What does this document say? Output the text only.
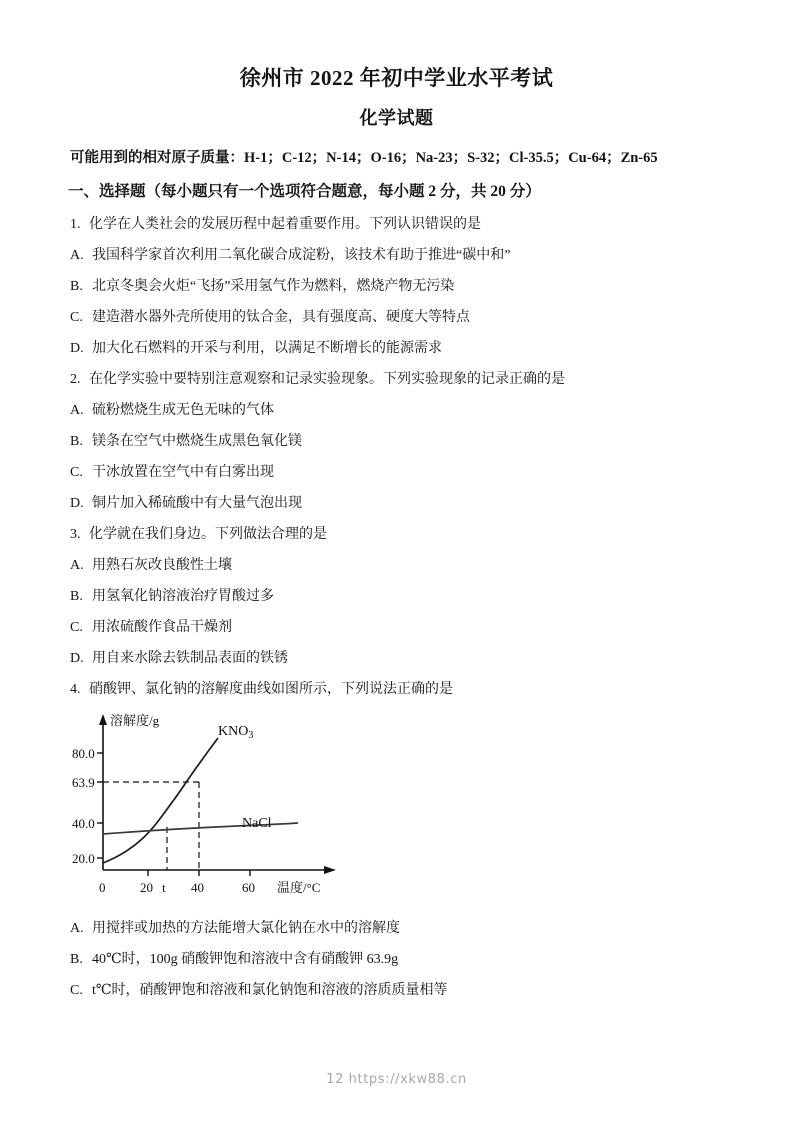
徐州市 2022 年初中学业水平考试
化学试题
可能用到的相对原子质量：H-1；C-12；N-14；O-16；Na-23；S-32；Cl-35.5；Cu-64；Zn-65
一、选择题（每小题只有一个选项符合题意，每小题 2 分，共 20 分）
1. 化学在人类社会的发展历程中起着重要作用。下列认识错误的是
A. 我国科学家首次利用二氧化碳合成淀粉，该技术有助于推进“碳中和”
B. 北京冬奥会火炬“飞扬”采用氢气作为燃料，燃烧产物无污染
C. 建造潜水器外壳所使用的钛合金，具有强度高、硬度大等特点
D. 加大化石燃料的开采与利用，以满足不断增长的能源需求
2. 在化学实验中要特别注意观察和记录实验现象。下列实验现象的记录正确的是
A. 硫粉燃烧生成无色无味的气体
B. 镁条在空气中燃烧生成黑色氧化镁
C. 干冰放置在空气中有白雾出现
D. 铜片加入稀硫酸中有大量气泡出现
3. 化学就在我们身边。下列做法合理的是
A. 用熟石灰改良酸性土壤
B. 用氢氧化钠溶液治疗胃酸过多
C. 用浓硫酸作食品干燥剂
D. 用自来水除去铁制品表面的铁锈
4. 硝酸钾、氯化钠的溶解度曲线如图所示，下列说法正确的是
溶解度/g
温度/°C
80.0
63.9
40.0
20.0
0	20 t 40	60
$KNO_3$
NaCl
A. 用搅拌或加热的方法能增大氯化钠在水中的溶解度
B. 40℃时，100g 硝酸钾饱和溶液中含有硝酸钾 63.9g
C. t℃时，硝酸钾饱和溶液和氯化钠饱和溶液的溶质质量相等
12 https://xkw88.cn
